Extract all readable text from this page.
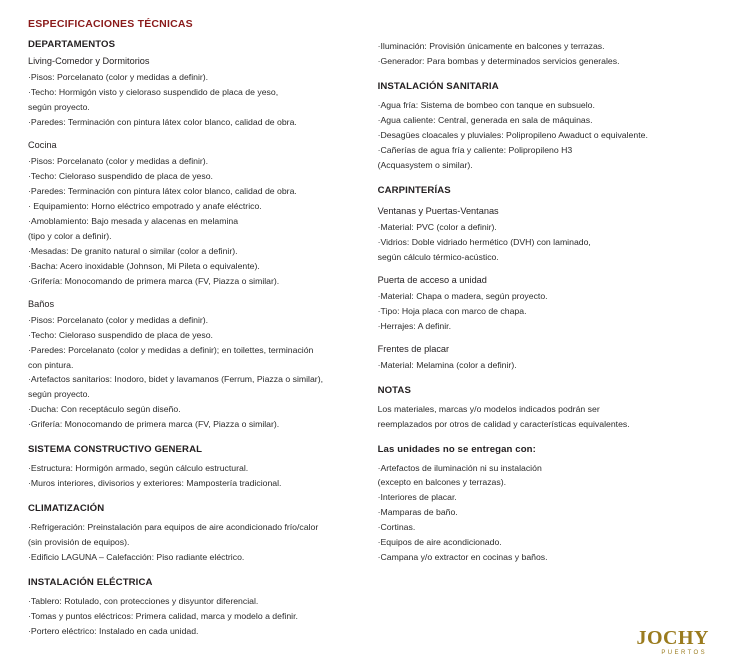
ESPECIFICACIONES TÉCNICAS
DEPARTAMENTOS
Living-Comedor y Dormitorios

·Pisos: Porcelanato (color y medidas a definir).

·Techo: Hormigón visto y cieloraso suspendido de placa de yeso,

según proyecto.

·Paredes: Terminación con pintura látex color blanco, calidad de obra.

Cocina

·Pisos: Porcelanato (color y medidas a definir).

·Techo: Cieloraso suspendido de placa de yeso.

·Paredes: Terminación con pintura látex color blanco, calidad de obra.

· Equipamiento: Horno eléctrico empotrado y anafe eléctrico.

·Amoblamiento: Bajo mesada y alacenas en melamina

(tipo y color a definir).

·Mesadas: De granito natural o similar (color a definir).

·Bacha: Acero inoxidable (Johnson, Mi Pileta o equivalente).

·Grifería: Monocomando de primera marca (FV, Piazza o similar).

Baños

·Pisos: Porcelanato (color y medidas a definir).

·Techo: Cieloraso suspendido de placa de yeso.

·Paredes: Porcelanato (color y medidas a definir); en toilettes, terminación

con pintura.

·Artefactos sanitarios: Inodoro, bidet y lavamanos (Ferrum, Piazza o similar),

según proyecto.

·Ducha: Con receptáculo según diseño.

·Grifería: Monocomando de primera marca (FV, Piazza o similar).

SISTEMA CONSTRUCTIVO GENERAL

·Estructura: Hormigón armado, según cálculo estructural.

·Muros interiores, divisorios y exteriores: Mampostería tradicional.

CLIMATIZACIÓN

·Refrigeración: Preinstalación para equipos de aire acondicionado frío/calor

(sin provisión de equipos).

·Edificio LAGUNA – Calefacción: Piso radiante eléctrico.

INSTALACIÓN ELÉCTRICA

·Tablero: Rotulado, con protecciones y disyuntor diferencial.

·Tomas y puntos eléctricos: Primera calidad, marca y modelo a definir.

·Portero eléctrico: Instalado en cada unidad.

·Iluminación: Provisión únicamente en balcones y terrazas.

·Generador: Para bombas y determinados servicios generales.

INSTALACIÓN SANITARIA

·Agua fría: Sistema de bombeo con tanque en subsuelo.

·Agua caliente: Central, generada en sala de máquinas.

·Desagües cloacales y pluviales: Polipropileno Awaduct o equivalente.

·Cañerías de agua fría y caliente: Polipropileno H3

(Acquasystem o similar).

CARPINTERÍAS
Ventanas y Puertas-Ventanas

·Material: PVC (color a definir).

·Vidrios: Doble vidriado hermético (DVH) con laminado,

según cálculo térmico-acústico.

Puerta de acceso a unidad

·Material: Chapa o madera, según proyecto.

·Tipo: Hoja placa con marco de chapa.

·Herrajes: A definir.

Frentes de placar

·Material: Melamina (color a definir).

NOTAS

Los materiales, marcas y/o modelos indicados podrán ser

reemplazados por otros de calidad y características equivalentes.

Las unidades no se entregan con:

·Artefactos de iluminación ni su instalación

(excepto en balcones y terrazas).

·Interiores de placar.

·Mamparas de baño.

·Cortinas.

·Equipos de aire acondicionado.

·Campana y/o extractor en cocinas y baños.

JOCHY
PUERTOS
